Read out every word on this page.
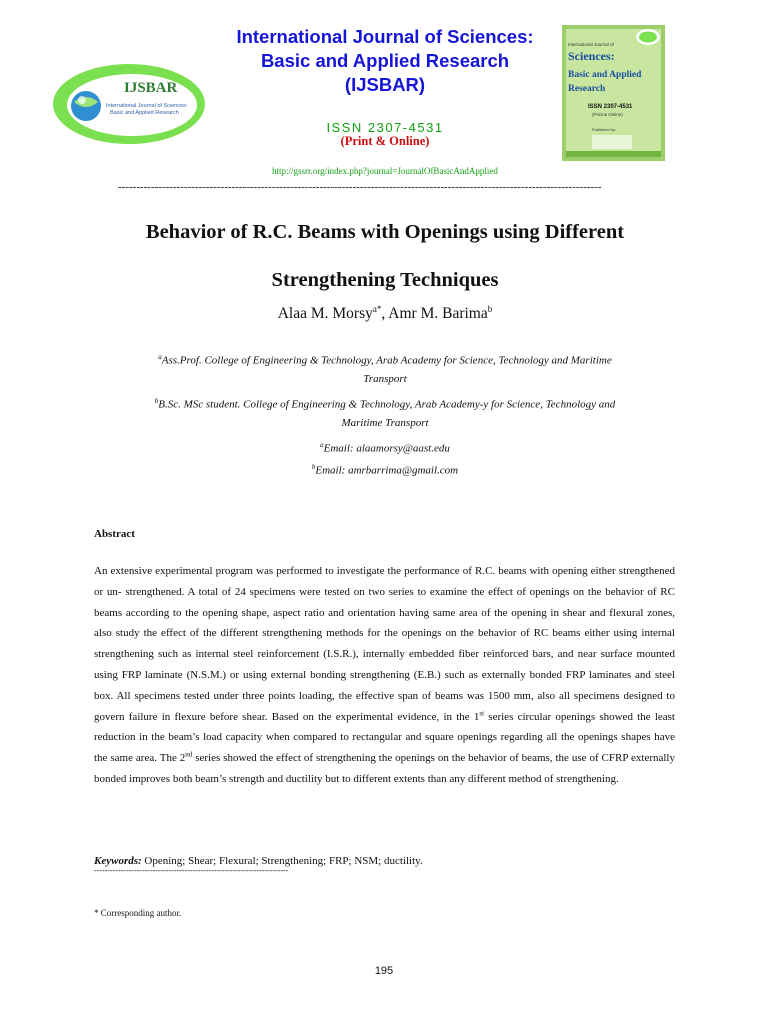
IJSBAR
International Journal of Sciences:
Basic and Applied Research
International Journal of Sciences:
Basic and Applied Research
(IJSBAR)
ISSN 2307-4531
(Print & Online)
http://gssrr.org/index.php?journal=JournalOfBasicAndApplied
------------------------------------------------------------------------------------------------------------------------------------
International Journal of
Sciences:
Basic and Applied
Research
ISSN 2307-4531
(Print & Online)
Published by:
Behavior of R.C. Beams with Openings using Different
Strengthening Techniques
Alaa M. Morsy$^{a*}$, Amr M. Barima$^b$
$^a$Ass.Prof. College of Engineering & Technology, Arab Academy for Science, Technology and Maritime
Transport
$^b$B.Sc. MSc student. College of Engineering & Technology, Arab Academy-y for Science, Technology and
Maritime Transport
$^a$Email: alaamorsy@aast.edu
$^b$Email: amrbarrima@gmail.com
Abstract

An extensive experimental program was performed to investigate the performance of R.C. beams with opening either strengthened or un- strengthened. A total of 24 specimens were tested on two series to examine the effect of openings on the behavior of RC beams according to the opening shape, aspect ratio and orientation having same area of the opening in shear and flexural zones, also study the effect of the different strengthening methods for the openings on the behavior of RC beams either using internal strengthening such as internal steel reinforcement (I.S.R.), internally embedded fiber reinforced bars, and near surface mounted using FRP laminate (N.S.M.) or using external bonding strengthening (E.B.) such as externally bonded FRP laminates and steel box. All specimens tested under three points loading, the effective span of beams was 1500 mm, also all specimens designed to govern failure in flexure before shear. Based on the experimental evidence, in the 1st series circular openings showed the least reduction in the beam’s load capacity when compared to rectangular and square openings regarding all the openings shapes have the same area. The 2nd series showed the effect of strengthening the openings on the behavior of beams, the use of CFRP externally bonded improves both beam’s strength and ductility but to different extents than any different method of strengthening.

Keywords: Opening; Shear; Flexural; Strengthening; FRP; NSM; ductility.
-------------------------------------------------------------------------
* Corresponding author.
195
